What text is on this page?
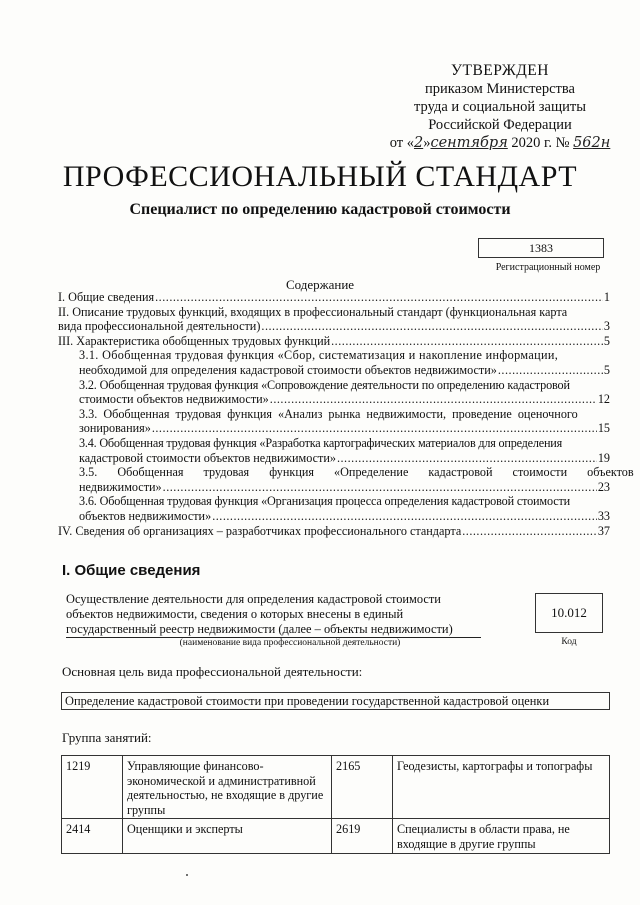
УТВЕРЖДЕН
приказом Министерства
труда и социальной защиты
Российской Федерации
от «2»сентября 2020 г. № 562н
ПРОФЕССИОНАЛЬНЫЙ СТАНДАРТ
Специалист по определению кадастровой стоимости
1383
Регистрационный номер
Содержание
I. Общие сведения .....	1
II. Описание трудовых функций, входящих в профессиональный стандарт (функциональная карта
вида профессиональной деятельности) .....	3
III. Характеристика обобщенных трудовых функций .....	5
3.1. Обобщенная трудовая функция «Сбор, систематизация и накопление информации,
необходимой для определения кадастровой стоимости объектов недвижимости» .....	5
3.2. Обобщенная трудовая функция «Сопровождение деятельности по определению кадастровой
стоимости объектов недвижимости» .....	12
3.3. Обобщенная трудовая функция «Анализ рынка недвижимости, проведение оценочного
зонирования» .....	15
3.4. Обобщенная трудовая функция «Разработка картографических материалов для определения
кадастровой стоимости объектов недвижимости» .....	19
3.5. Обобщенная трудовая функция «Определение кадастровой стоимости объектов
недвижимости» .....	23
3.6. Обобщенная трудовая функция «Организация процесса определения кадастровой стоимости
объектов недвижимости» .....	33
IV. Сведения об организациях – разработчиках профессионального стандарта .....	37
I. Общие сведения
Осуществление деятельности для определения кадастровой стоимости
объектов недвижимости, сведения о которых внесены в единый
государственный реестр недвижимости (далее – объекты недвижимости)
(наименование вида профессиональной деятельности)
10.012
Код
Основная цель вида профессиональной деятельности:
Определение кадастровой стоимости при проведении государственной кадастровой оценки
Группа занятий:
1219	Управляющие финансово-экономической и административной деятельностью, не входящие в другие группы	2165	Геодезисты, картографы и топографы
2414	Оценщики и эксперты	2619	Специалисты в области права, не входящие в другие группы
